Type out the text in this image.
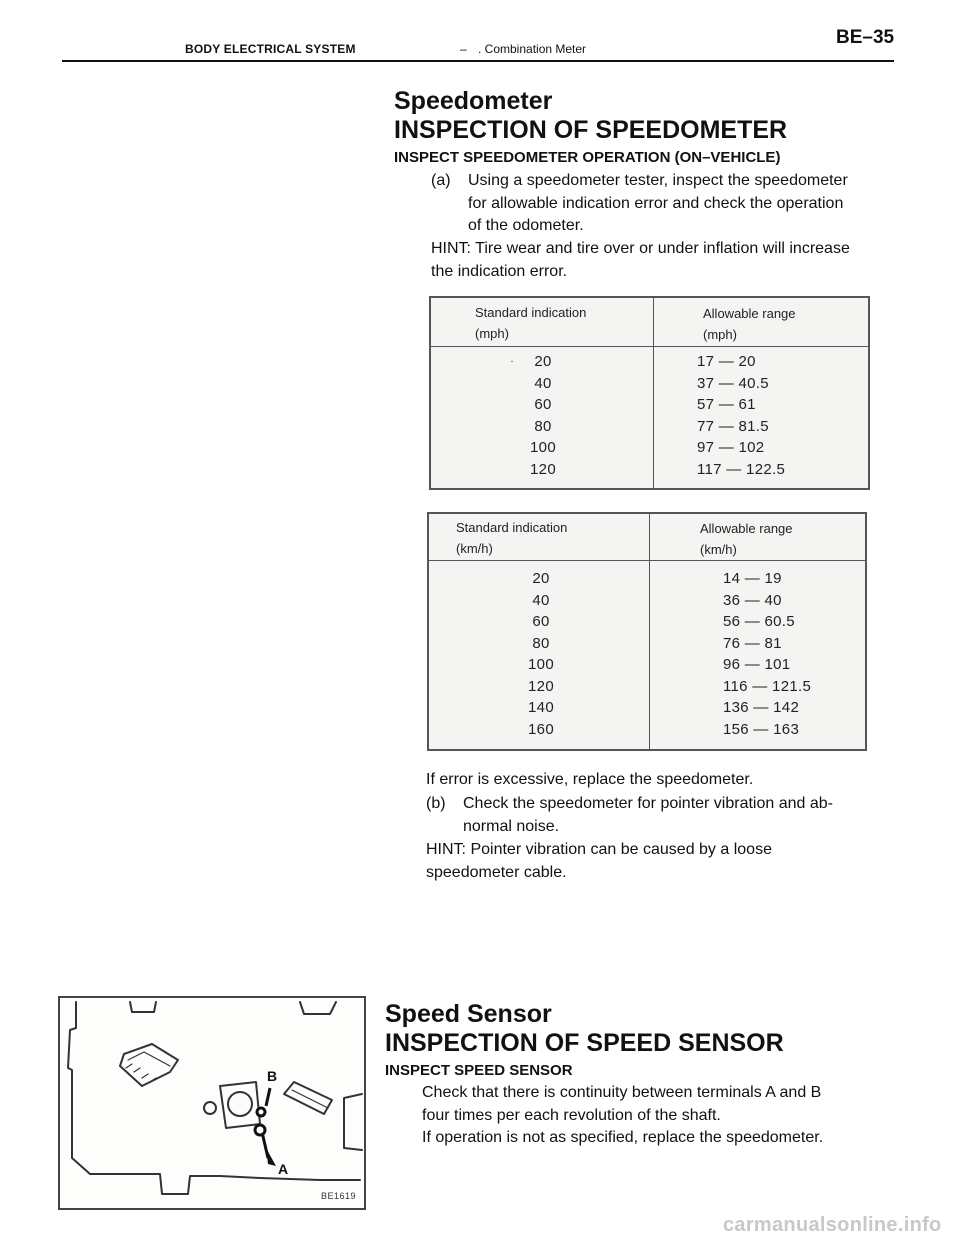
BODY ELECTRICAL SYSTEM	– . Combination Meter
BE–35
Speedometer
INSPECTION OF SPEEDOMETER
INSPECT SPEEDOMETER OPERATION (ON–VEHICLE)
(a) Using a speedometer tester, inspect the speedometer
for allowable indication error and check the operation
of the odometer.
HINT: Tire wear and tire over or under inflation will increase
the indication error.
Standard indication
(mph)
Allowable range
(mph)
20
40
60
80
100
120
17 — 20
37 — 40.5
57 — 61
77 — 81.5
97 — 102
117 — 122.5
Standard indication
(km/h)
Allowable range
(km/h)
20
40
60
80
100
120
140
160
14 — 19
36 — 40
56 — 60.5
76 — 81
96 — 101
116 — 121.5
136 — 142
156 — 163
If error is excessive, replace the speedometer.
(b) Check the speedometer for pointer vibration and ab-
normal noise.
HINT: Pointer vibration can be caused by a loose
speedometer cable.
B
A
BE1619
Speed Sensor
INSPECTION OF SPEED SENSOR
INSPECT SPEED SENSOR
Check that there is continuity between terminals A and B
four times per each revolution of the shaft.
If operation is not as specified, replace the speedometer.
carmanualsonline.info
